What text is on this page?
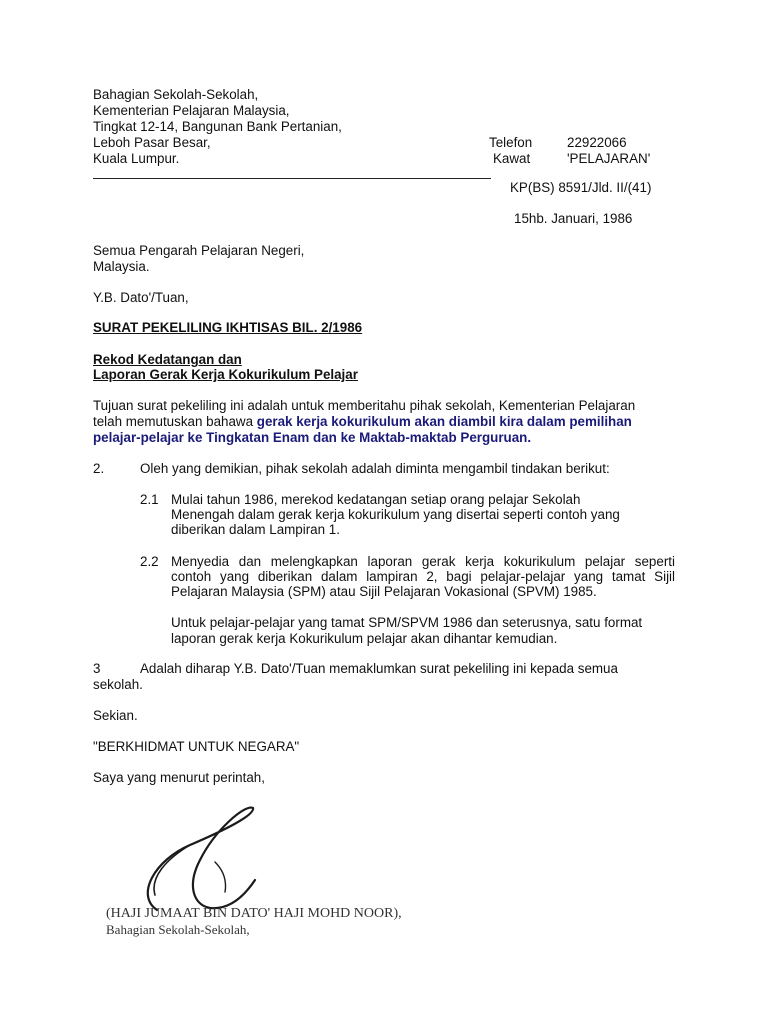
Bahagian Sekolah-Sekolah,
Kementerian Pelajaran Malaysia,
Tingkat 12-14, Bangunan Bank Pertanian,
Leboh Pasar Besar,
Kuala Lumpur.
Telefon	22922066
Kawat	'PELAJARAN'
KP(BS) 8591/Jld. II/(41)
15hb. Januari, 1986
Semua Pengarah Pelajaran Negeri,
Malaysia.
Y.B. Dato'/Tuan,
SURAT PEKELILING IKHTISAS BIL. 2/1986
Rekod Kedatangan dan
Laporan Gerak Kerja Kokurikulum Pelajar
Tujuan surat pekeliling ini adalah untuk memberitahu pihak sekolah, Kementerian Pelajaran
telah memutuskan bahawa gerak kerja kokurikulum akan diambil kira dalam pemilihan
pelajar-pelajar ke Tingkatan Enam dan ke Maktab-maktab Perguruan.
2.	Oleh yang demikian, pihak sekolah adalah diminta mengambil tindakan berikut:
2.1 Mulai tahun 1986, merekod kedatangan setiap orang pelajar Sekolah
Menengah dalam gerak kerja kokurikulum yang disertai seperti contoh yang
diberikan dalam Lampiran 1.
2.2 Menyedia dan melengkapkan laporan gerak kerja kokurikulum pelajar seperti
contoh yang diberikan dalam lampiran 2, bagi pelajar-pelajar yang tamat Sijil
Pelajaran Malaysia (SPM) atau Sijil Pelajaran Vokasional (SPVM) 1985.
Untuk pelajar-pelajar yang tamat SPM/SPVM 1986 dan seterusnya, satu format
laporan gerak kerja Kokurikulum pelajar akan dihantar kemudian.
3	Adalah diharap Y.B. Dato'/Tuan memaklumkan surat pekeliling ini kepada semua
sekolah.
Sekian.
"BERKHIDMAT UNTUK NEGARA"
Saya yang menurut perintah,
(HAJI JUMAAT BIN DATO' HAJI MOHD NOOR),
Bahagian Sekolah-Sekolah,
